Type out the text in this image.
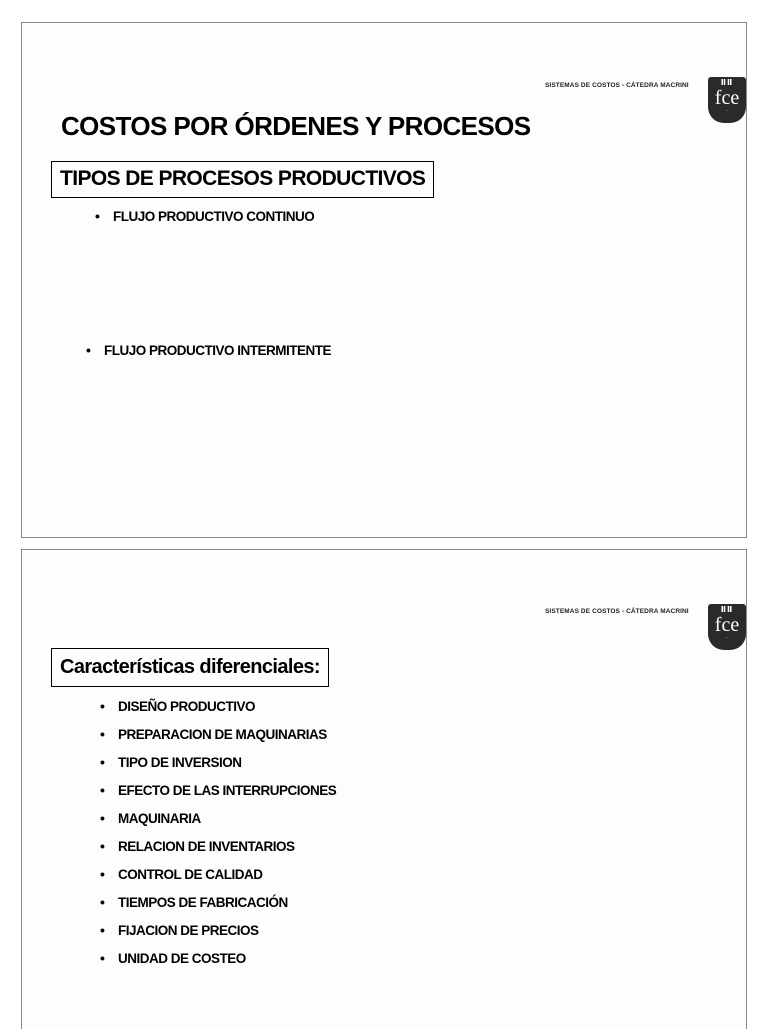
SISTEMAS DE COSTOS - CÁTEDRA MACRINI
ⅡⅡ
fce
—
COSTOS POR ÓRDENES Y PROCESOS
TIPOS DE PROCESOS PRODUCTIVOS
• FLUJO PRODUCTIVO CONTINUO
• FLUJO PRODUCTIVO INTERMITENTE
SISTEMAS DE COSTOS - CÁTEDRA MACRINI
ⅡⅡ
fce
—
Características diferenciales:
• DISEÑO PRODUCTIVO
• PREPARACION DE MAQUINARIAS
• TIPO DE INVERSION
• EFECTO DE LAS INTERRUPCIONES
• MAQUINARIA
• RELACION DE INVENTARIOS
• CONTROL DE CALIDAD
• TIEMPOS DE FABRICACIÓN
• FIJACION DE PRECIOS
• UNIDAD DE COSTEO
